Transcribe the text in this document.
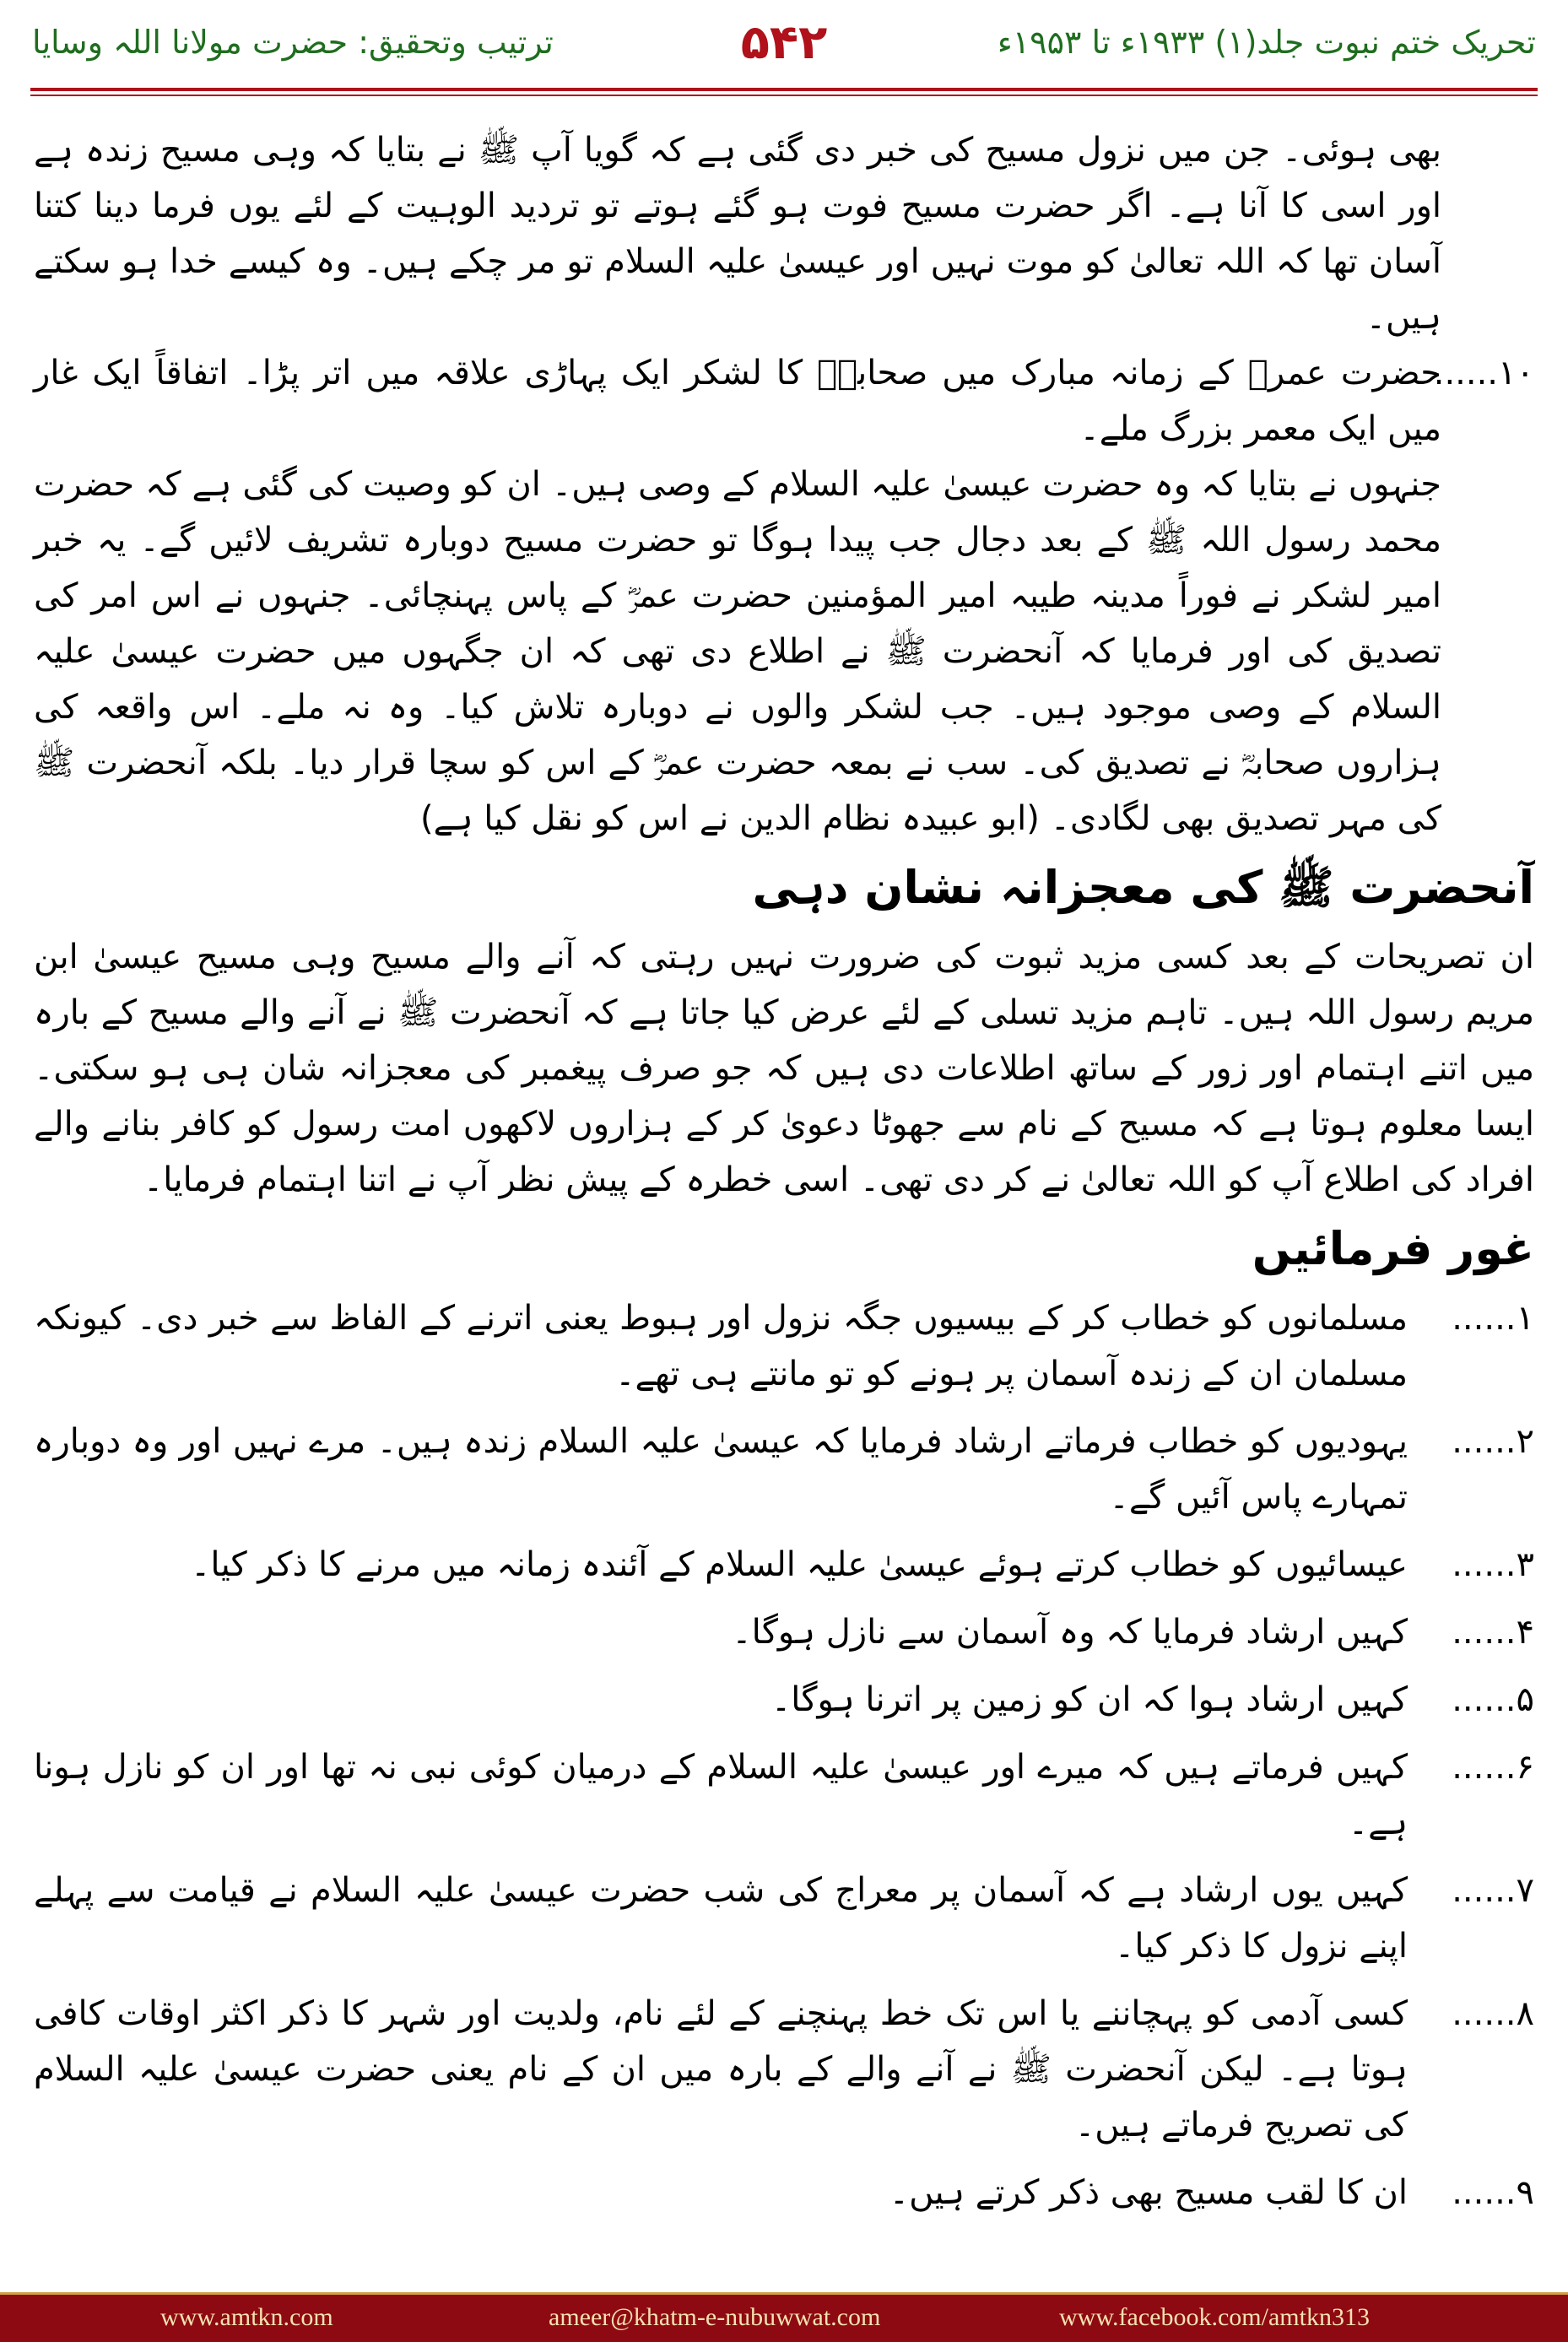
تحریک ختم نبوت جلد(۱) ۱۹۳۳ء تا ۱۹۵۳ء
۵۴۲
ترتیب وتحقیق: حضرت مولانا اللہ وسایا

بھی ہوئی۔ جن میں نزول مسیح کی خبر دی گئی ہے کہ گویا آپ ﷺ نے بتایا کہ وہی مسیح زندہ ہے اور اسی کا آنا ہے۔ اگر حضرت مسیح فوت ہو گئے ہوتے تو تردید الوہیت کے لئے یوں فرما دینا کتنا آسان تھا کہ اللہ تعالیٰ کو موت نہیں اور عیسیٰ علیہ السلام تو مر چکے ہیں۔ وہ کیسے خدا ہو سکتے ہیں۔

۱۰......
حضرت عمرؓ کے زمانہ مبارک میں صحابہؓ کا لشکر ایک پہاڑی علاقہ میں اتر پڑا۔ اتفاقاً ایک غار میں ایک معمر بزرگ ملے۔

جنہوں نے بتایا کہ وہ حضرت عیسیٰ علیہ السلام کے وصی ہیں۔ ان کو وصیت کی گئی ہے کہ حضرت محمد رسول اللہ ﷺ کے بعد دجال جب پیدا ہوگا تو حضرت مسیح دوبارہ تشریف لائیں گے۔ یہ خبر امیر لشکر نے فوراً مدینہ طیبہ امیر المؤمنین حضرت عمرؓ کے پاس پہنچائی۔ جنہوں نے اس امر کی تصدیق کی اور فرمایا کہ آنحضرت ﷺ نے اطلاع دی تھی کہ ان جگہوں میں حضرت عیسیٰ علیہ السلام کے وصی موجود ہیں۔ جب لشکر والوں نے دوبارہ تلاش کیا۔ وہ نہ ملے۔ اس واقعہ کی ہزاروں صحابہؓ نے تصدیق کی۔ سب نے بمعہ حضرت عمرؓ کے اس کو سچا قرار دیا۔ بلکہ آنحضرت ﷺ کی مہر تصدیق بھی لگادی۔ (ابو عبیدہ نظام الدین نے اس کو نقل کیا ہے)

آنحضرت ﷺ کی معجزانہ نشان دہی

ان تصریحات کے بعد کسی مزید ثبوت کی ضرورت نہیں رہتی کہ آنے والے مسیح وہی مسیح عیسیٰ ابن مریم رسول اللہ ہیں۔ تاہم مزید تسلی کے لئے عرض کیا جاتا ہے کہ آنحضرت ﷺ نے آنے والے مسیح کے بارہ میں اتنے اہتمام اور زور کے ساتھ اطلاعات دی ہیں کہ جو صرف پیغمبر کی معجزانہ شان ہی ہو سکتی۔ ایسا معلوم ہوتا ہے کہ مسیح کے نام سے جھوٹا دعویٰ کر کے ہزاروں لاکھوں امت رسول کو کافر بنانے والے افراد کی اطلاع آپ کو اللہ تعالیٰ نے کر دی تھی۔ اسی خطرہ کے پیش نظر آپ نے اتنا اہتمام فرمایا۔

غور فرمائیں
۱......
مسلمانوں کو خطاب کر کے بیسیوں جگہ نزول اور ہبوط یعنی اترنے کے الفاظ سے خبر دی۔ کیونکہ مسلمان ان کے زندہ آسمان پر ہونے کو تو مانتے ہی تھے۔
۲......
یہودیوں کو خطاب فرماتے ارشاد فرمایا کہ عیسیٰ علیہ السلام زندہ ہیں۔ مرے نہیں اور وہ دوبارہ تمہارے پاس آئیں گے۔
۳......
عیسائیوں کو خطاب کرتے ہوئے عیسیٰ علیہ السلام کے آئندہ زمانہ میں مرنے کا ذکر کیا۔
۴......
کہیں ارشاد فرمایا کہ وہ آسمان سے نازل ہوگا۔
۵......
کہیں ارشاد ہوا کہ ان کو زمین پر اترنا ہوگا۔
۶......
کہیں فرماتے ہیں کہ میرے اور عیسیٰ علیہ السلام کے درمیان کوئی نبی نہ تھا اور ان کو نازل ہونا ہے۔
۷......
کہیں یوں ارشاد ہے کہ آسمان پر معراج کی شب حضرت عیسیٰ علیہ السلام نے قیامت سے پہلے اپنے نزول کا ذکر کیا۔
۸......
کسی آدمی کو پہچاننے یا اس تک خط پہنچنے کے لئے نام، ولدیت اور شہر کا ذکر اکثر اوقات کافی ہوتا ہے۔ لیکن آنحضرت ﷺ نے آنے والے کے بارہ میں ان کے نام یعنی حضرت عیسیٰ علیہ السلام کی تصریح فرماتے ہیں۔
۹......
ان کا لقب مسیح بھی ذکر کرتے ہیں۔
www.amtkn.com	ameer@khatm-e-nubuwwat.com	www.facebook.com/amtkn313
